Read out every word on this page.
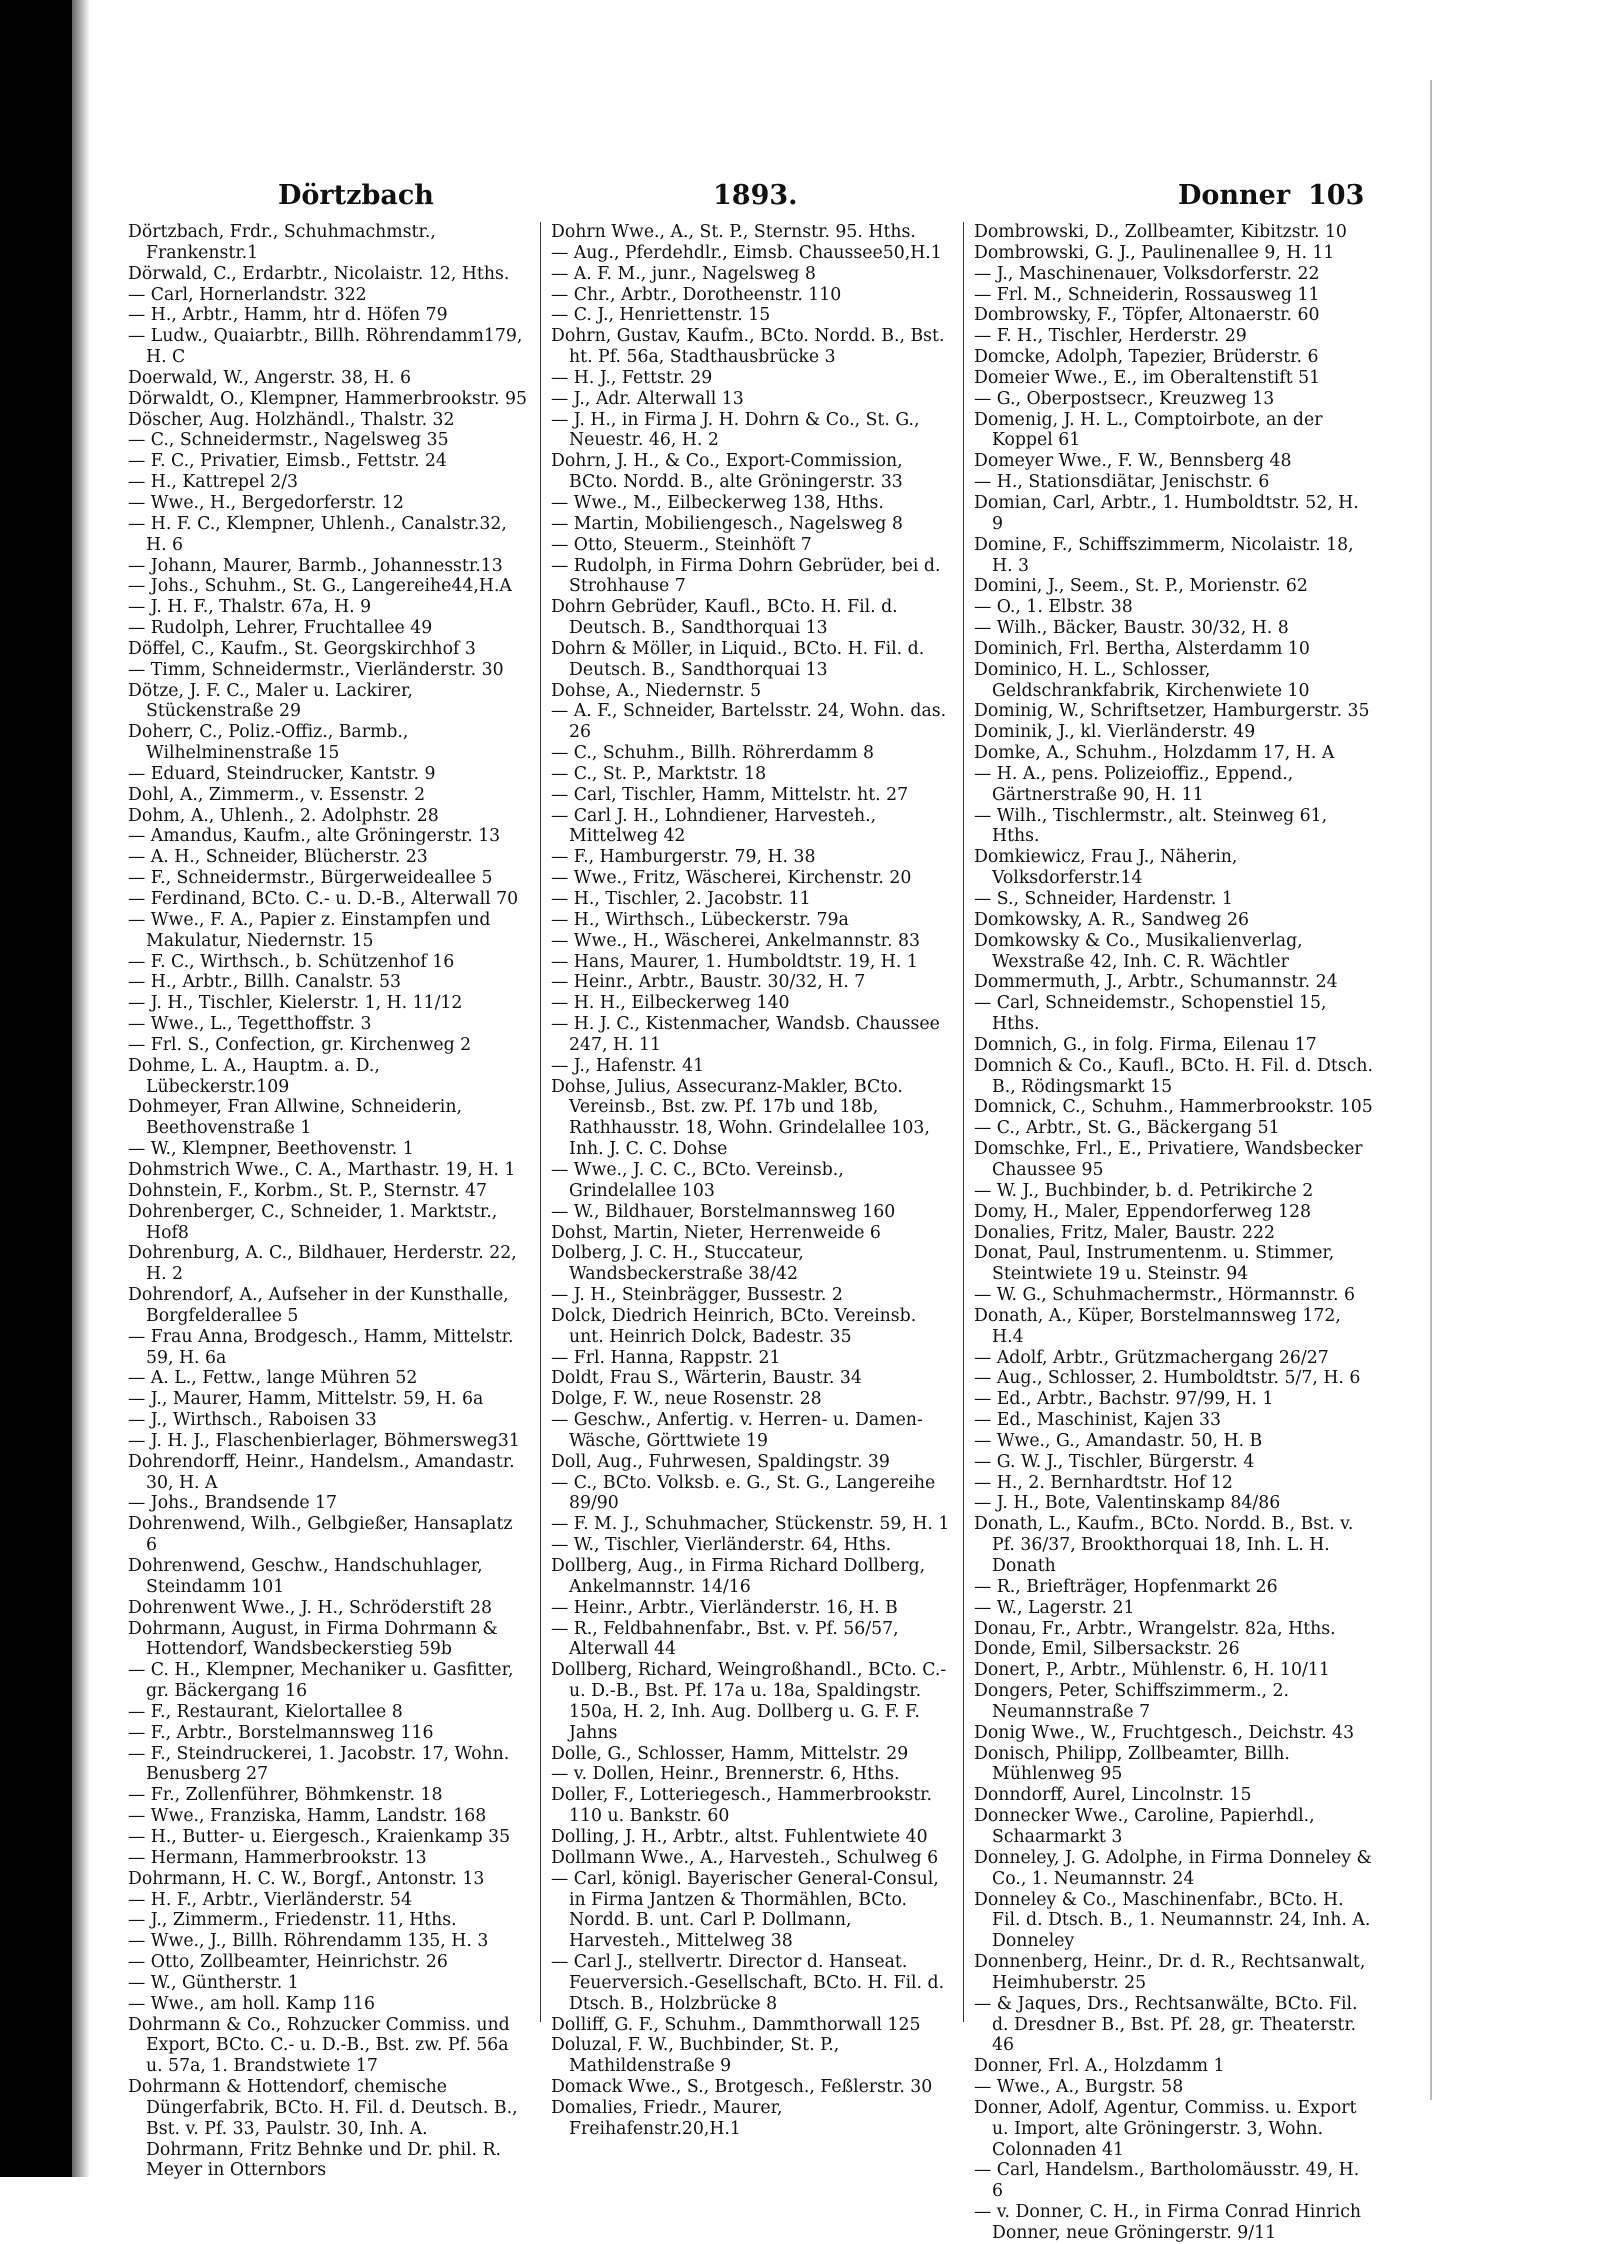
Dörtzbach	1893.	Donner 103
Dörtzbach, Frdr., Schuhmachmstr., Frankenstr.1
Dörwald, C., Erdarbtr., Nicolaistr. 12, Hths.
— Carl, Hornerlandstr. 322
— H., Arbtr., Hamm, htr d. Höfen 79
— Ludw., Quaiarbtr., Billh. Röhrendamm179, H. C
Doerwald, W., Angerstr. 38, H. 6
Dörwaldt, O., Klempner, Hammerbrookstr. 95
Döscher, Aug. Holzhändl., Thalstr. 32
— C., Schneidermstr., Nagelsweg 35
— F. C., Privatier, Eimsb., Fettstr. 24
— H., Kattrepel 2/3
— Wwe., H., Bergedorferstr. 12
— H. F. C., Klempner, Uhlenh., Canalstr.32, H. 6
— Johann, Maurer, Barmb., Johannesstr.13
— Johs., Schuhm., St. G., Langereihe44,H.A
— J. H. F., Thalstr. 67a, H. 9
— Rudolph, Lehrer, Fruchtallee 49
Döffel, C., Kaufm., St. Georgskirchhof 3
— Timm, Schneidermstr., Vierländerstr. 30
Dötze, J. F. C., Maler u. Lackirer, Stückenstraße 29
Doherr, C., Poliz.-Offiz., Barmb., Wilhelminenstraße 15
— Eduard, Steindrucker, Kantstr. 9
Dohl, A., Zimmerm., v. Essenstr. 2
Dohm, A., Uhlenh., 2. Adolphstr. 28
— Amandus, Kaufm., alte Gröningerstr. 13
— A. H., Schneider, Blücherstr. 23
— F., Schneidermstr., Bürgerweideallee 5
— Ferdinand, BCto. C.- u. D.-B., Alterwall 70
— Wwe., F. A., Papier z. Einstampfen und Makulatur, Niedernstr. 15
— F. C., Wirthsch., b. Schützenhof 16
— H., Arbtr., Billh. Canalstr. 53
— J. H., Tischler, Kielerstr. 1, H. 11/12
— Wwe., L., Tegetthoffstr. 3
— Frl. S., Confection, gr. Kirchenweg 2
Dohme, L. A., Hauptm. a. D., Lübeckerstr.109
Dohmeyer, Fran Allwine, Schneiderin, Beethovenstraße 1
— W., Klempner, Beethovenstr. 1
Dohmstrich Wwe., C. A., Marthastr. 19, H. 1
Dohnstein, F., Korbm., St. P., Sternstr. 47
Dohrenberger, C., Schneider, 1. Marktstr., Hof8
Dohrenburg, A. C., Bildhauer, Herderstr. 22, H. 2
Dohrendorf, A., Aufseher in der Kunsthalle, Borgfelderallee 5
— Frau Anna, Brodgesch., Hamm, Mittelstr. 59, H. 6a
— A. L., Fettw., lange Mühren 52
— J., Maurer, Hamm, Mittelstr. 59, H. 6a
— J., Wirthsch., Raboisen 33
— J. H. J., Flaschenbierlager, Böhmersweg31
Dohrendorff, Heinr., Handelsm., Amandastr. 30, H. A
— Johs., Brandsende 17
Dohrenwend, Wilh., Gelbgießer, Hansaplatz 6
Dohrenwend, Geschw., Handschuhlager, Steindamm 101
Dohrenwent Wwe., J. H., Schröderstift 28
Dohrmann, August, in Firma Dohrmann & Hottendorf, Wandsbeckerstieg 59b
— C. H., Klempner, Mechaniker u. Gasfitter, gr. Bäckergang 16
— F., Restaurant, Kielortallee 8
— F., Arbtr., Borstelmannsweg 116
— F., Steindruckerei, 1. Jacobstr. 17, Wohn. Benusberg 27
— Fr., Zollenführer, Böhmkenstr. 18
— Wwe., Franziska, Hamm, Landstr. 168
— H., Butter- u. Eiergesch., Kraienkamp 35
— Hermann, Hammerbrookstr. 13
Dohrmann, H. C. W., Borgf., Antonstr. 13
— H. F., Arbtr., Vierländerstr. 54
— J., Zimmerm., Friedenstr. 11, Hths.
— Wwe., J., Billh. Röhrendamm 135, H. 3
— Otto, Zollbeamter, Heinrichstr. 26
— W., Güntherstr. 1
— Wwe., am holl. Kamp 116
Dohrmann & Co., Rohzucker Commiss. und Export, BCto. C.- u. D.-B., Bst. zw. Pf. 56a u. 57a, 1. Brandstwiete 17
Dohrmann & Hottendorf, chemische Düngerfabrik, BCto. H. Fil. d. Deutsch. B., Bst. v. Pf. 33, Paulstr. 30, Inh. A. Dohrmann, Fritz Behnke und Dr. phil. R. Meyer in Otternbors
Dohrn Wwe., A., St. P., Sternstr. 95. Hths.
— Aug., Pferdehdlr., Eimsb. Chaussee50,H.1
— A. F. M., junr., Nagelsweg 8
— Chr., Arbtr., Dorotheenstr. 110
— C. J., Henriettenstr. 15
Dohrn, Gustav, Kaufm., BCto. Nordd. B., Bst. ht. Pf. 56a, Stadthausbrücke 3
— H. J., Fettstr. 29
— J., Adr. Alterwall 13
— J. H., in Firma J. H. Dohrn & Co., St. G., Neuestr. 46, H. 2
Dohrn, J. H., & Co., Export-Commission, BCto. Nordd. B., alte Gröningerstr. 33
— Wwe., M., Eilbeckerweg 138, Hths.
— Martin, Mobiliengesch., Nagelsweg 8
— Otto, Steuerm., Steinhöft 7
— Rudolph, in Firma Dohrn Gebrüder, bei d. Strohhause 7
Dohrn Gebrüder, Kaufl., BCto. H. Fil. d. Deutsch. B., Sandthorquai 13
Dohrn & Möller, in Liquid., BCto. H. Fil. d. Deutsch. B., Sandthorquai 13
Dohse, A., Niedernstr. 5
— A. F., Schneider, Bartelsstr. 24, Wohn. das. 26
— C., Schuhm., Billh. Röhrerdamm 8
— C., St. P., Marktstr. 18
— Carl, Tischler, Hamm, Mittelstr. ht. 27
— Carl J. H., Lohndiener, Harvesteh., Mittelweg 42
— F., Hamburgerstr. 79, H. 38
— Wwe., Fritz, Wäscherei, Kirchenstr. 20
— H., Tischler, 2. Jacobstr. 11
— H., Wirthsch., Lübeckerstr. 79a
— Wwe., H., Wäscherei, Ankelmannstr. 83
— Hans, Maurer, 1. Humboldtstr. 19, H. 1
— Heinr., Arbtr., Baustr. 30/32, H. 7
— H. H., Eilbeckerweg 140
— H. J. C., Kistenmacher, Wandsb. Chaussee 247, H. 11
— J., Hafenstr. 41
Dohse, Julius, Assecuranz-Makler, BCto. Vereinsb., Bst. zw. Pf. 17b und 18b, Rathhausstr. 18, Wohn. Grindelallee 103, Inh. J. C. C. Dohse
— Wwe., J. C. C., BCto. Vereinsb., Grindelallee 103
— W., Bildhauer, Borstelmannsweg 160
Dohst, Martin, Nieter, Herrenweide 6
Dolberg, J. C. H., Stuccateur, Wandsbeckerstraße 38/42
— J. H., Steinbrägger, Bussestr. 2
Dolck, Diedrich Heinrich, BCto. Vereinsb. unt. Heinrich Dolck, Badestr. 35
— Frl. Hanna, Rappstr. 21
Doldt, Frau S., Wärterin, Baustr. 34
Dolge, F. W., neue Rosenstr. 28
— Geschw., Anfertig. v. Herren- u. Damen-Wäsche, Görttwiete 19
Doll, Aug., Fuhrwesen, Spaldingstr. 39
— C., BCto. Volksb. e. G., St. G., Langereihe 89/90
— F. M. J., Schuhmacher, Stückenstr. 59, H. 1
— W., Tischler, Vierländerstr. 64, Hths.
Dollberg, Aug., in Firma Richard Dollberg, Ankelmannstr. 14/16
— Heinr., Arbtr., Vierländerstr. 16, H. B
— R., Feldbahnenfabr., Bst. v. Pf. 56/57, Alterwall 44
Dollberg, Richard, Weingroßhandl., BCto. C.- u. D.-B., Bst. Pf. 17a u. 18a, Spaldingstr. 150a, H. 2, Inh. Aug. Dollberg u. G. F. F. Jahns
Dolle, G., Schlosser, Hamm, Mittelstr. 29
— v. Dollen, Heinr., Brennerstr. 6, Hths.
Doller, F., Lotteriegesch., Hammerbrookstr. 110 u. Bankstr. 60
Dolling, J. H., Arbtr., altst. Fuhlentwiete 40
Dollmann Wwe., A., Harvesteh., Schulweg 6
— Carl, königl. Bayerischer General-Consul, in Firma Jantzen & Thormählen, BCto. Nordd. B. unt. Carl P. Dollmann, Harvesteh., Mittelweg 38
— Carl J., stellvertr. Director d. Hanseat. Feuerversich.-Gesellschaft, BCto. H. Fil. d. Dtsch. B., Holzbrücke 8
Dolliff, G. F., Schuhm., Dammthorwall 125
Doluzal, F. W., Buchbinder, St. P., Mathildenstraße 9
Domack Wwe., S., Brotgesch., Feßlerstr. 30
Domalies, Friedr., Maurer, Freihafenstr.20,H.1
Dombrowski, D., Zollbeamter, Kibitzstr. 10
Dombrowski, G. J., Paulinenallee 9, H. 11
— J., Maschinenauer, Volksdorferstr. 22
— Frl. M., Schneiderin, Rossausweg 11
Dombrowsky, F., Töpfer, Altonaerstr. 60
— F. H., Tischler, Herderstr. 29
Domcke, Adolph, Tapezier, Brüderstr. 6
Domeier Wwe., E., im Oberaltenstift 51
— G., Oberpostsecr., Kreuzweg 13
Domenig, J. H. L., Comptoirbote, an der Koppel 61
Domeyer Wwe., F. W., Bennsberg 48
— H., Stationsdiätar, Jenischstr. 6
Domian, Carl, Arbtr., 1. Humboldtstr. 52, H. 9
Domine, F., Schiffszimmerm, Nicolaistr. 18, H. 3
Domini, J., Seem., St. P., Morienstr. 62
— O., 1. Elbstr. 38
— Wilh., Bäcker, Baustr. 30/32, H. 8
Dominich, Frl. Bertha, Alsterdamm 10
Dominico, H. L., Schlosser, Geldschrankfabrik, Kirchenwiete 10
Dominig, W., Schriftsetzer, Hamburgerstr. 35
Dominik, J., kl. Vierländerstr. 49
Domke, A., Schuhm., Holzdamm 17, H. A
— H. A., pens. Polizeioffiz., Eppend., Gärtnerstraße 90, H. 11
— Wilh., Tischlermstr., alt. Steinweg 61, Hths.
Domkiewicz, Frau J., Näherin, Volksdorferstr.14
— S., Schneider, Hardenstr. 1
Domkowsky, A. R., Sandweg 26
Domkowsky & Co., Musikalienverlag, Wexstraße 42, Inh. C. R. Wächtler
Dommermuth, J., Arbtr., Schumannstr. 24
— Carl, Schneidemstr., Schopenstiel 15, Hths.
Domnich, G., in folg. Firma, Eilenau 17
Domnich & Co., Kaufl., BCto. H. Fil. d. Dtsch. B., Rödingsmarkt 15
Domnick, C., Schuhm., Hammerbrookstr. 105
— C., Arbtr., St. G., Bäckergang 51
Domschke, Frl., E., Privatiere, Wandsbecker Chaussee 95
— W. J., Buchbinder, b. d. Petrikirche 2
Domy, H., Maler, Eppendorferweg 128
Donalies, Fritz, Maler, Baustr. 222
Donat, Paul, Instrumentenm. u. Stimmer, Steintwiete 19 u. Steinstr. 94
— W. G., Schuhmachermstr., Hörmannstr. 6
Donath, A., Küper, Borstelmannsweg 172, H.4
— Adolf, Arbtr., Grützmachergang 26/27
— Aug., Schlosser, 2. Humboldtstr. 5/7, H. 6
— Ed., Arbtr., Bachstr. 97/99, H. 1
— Ed., Maschinist, Kajen 33
— Wwe., G., Amandastr. 50, H. B
— G. W. J., Tischler, Bürgerstr. 4
— H., 2. Bernhardtstr. Hof 12
— J. H., Bote, Valentinskamp 84/86
Donath, L., Kaufm., BCto. Nordd. B., Bst. v. Pf. 36/37, Brookthorquai 18, Inh. L. H. Donath
— R., Briefträger, Hopfenmarkt 26
— W., Lagerstr. 21
Donau, Fr., Arbtr., Wrangelstr. 82a, Hths.
Donde, Emil, Silbersackstr. 26
Donert, P., Arbtr., Mühlenstr. 6, H. 10/11
Dongers, Peter, Schiffszimmerm., 2. Neumannstraße 7
Donig Wwe., W., Fruchtgesch., Deichstr. 43
Donisch, Philipp, Zollbeamter, Billh. Mühlenweg 95
Donndorff, Aurel, Lincolnstr. 15
Donnecker Wwe., Caroline, Papierhdl., Schaarmarkt 3
Donneley, J. G. Adolphe, in Firma Donneley & Co., 1. Neumannstr. 24
Donneley & Co., Maschinenfabr., BCto. H. Fil. d. Dtsch. B., 1. Neumannstr. 24, Inh. A. Donneley
Donnenberg, Heinr., Dr. d. R., Rechtsanwalt, Heimhuberstr. 25
— & Jaques, Drs., Rechtsanwälte, BCto. Fil. d. Dresdner B., Bst. Pf. 28, gr. Theaterstr. 46
Donner, Frl. A., Holzdamm 1
— Wwe., A., Burgstr. 58
Donner, Adolf, Agentur, Commiss. u. Export u. Import, alte Gröningerstr. 3, Wohn. Colonnaden 41
— Carl, Handelsm., Bartholomäusstr. 49, H. 6
— v. Donner, C. H., in Firma Conrad Hinrich Donner, neue Gröningerstr. 9/11
